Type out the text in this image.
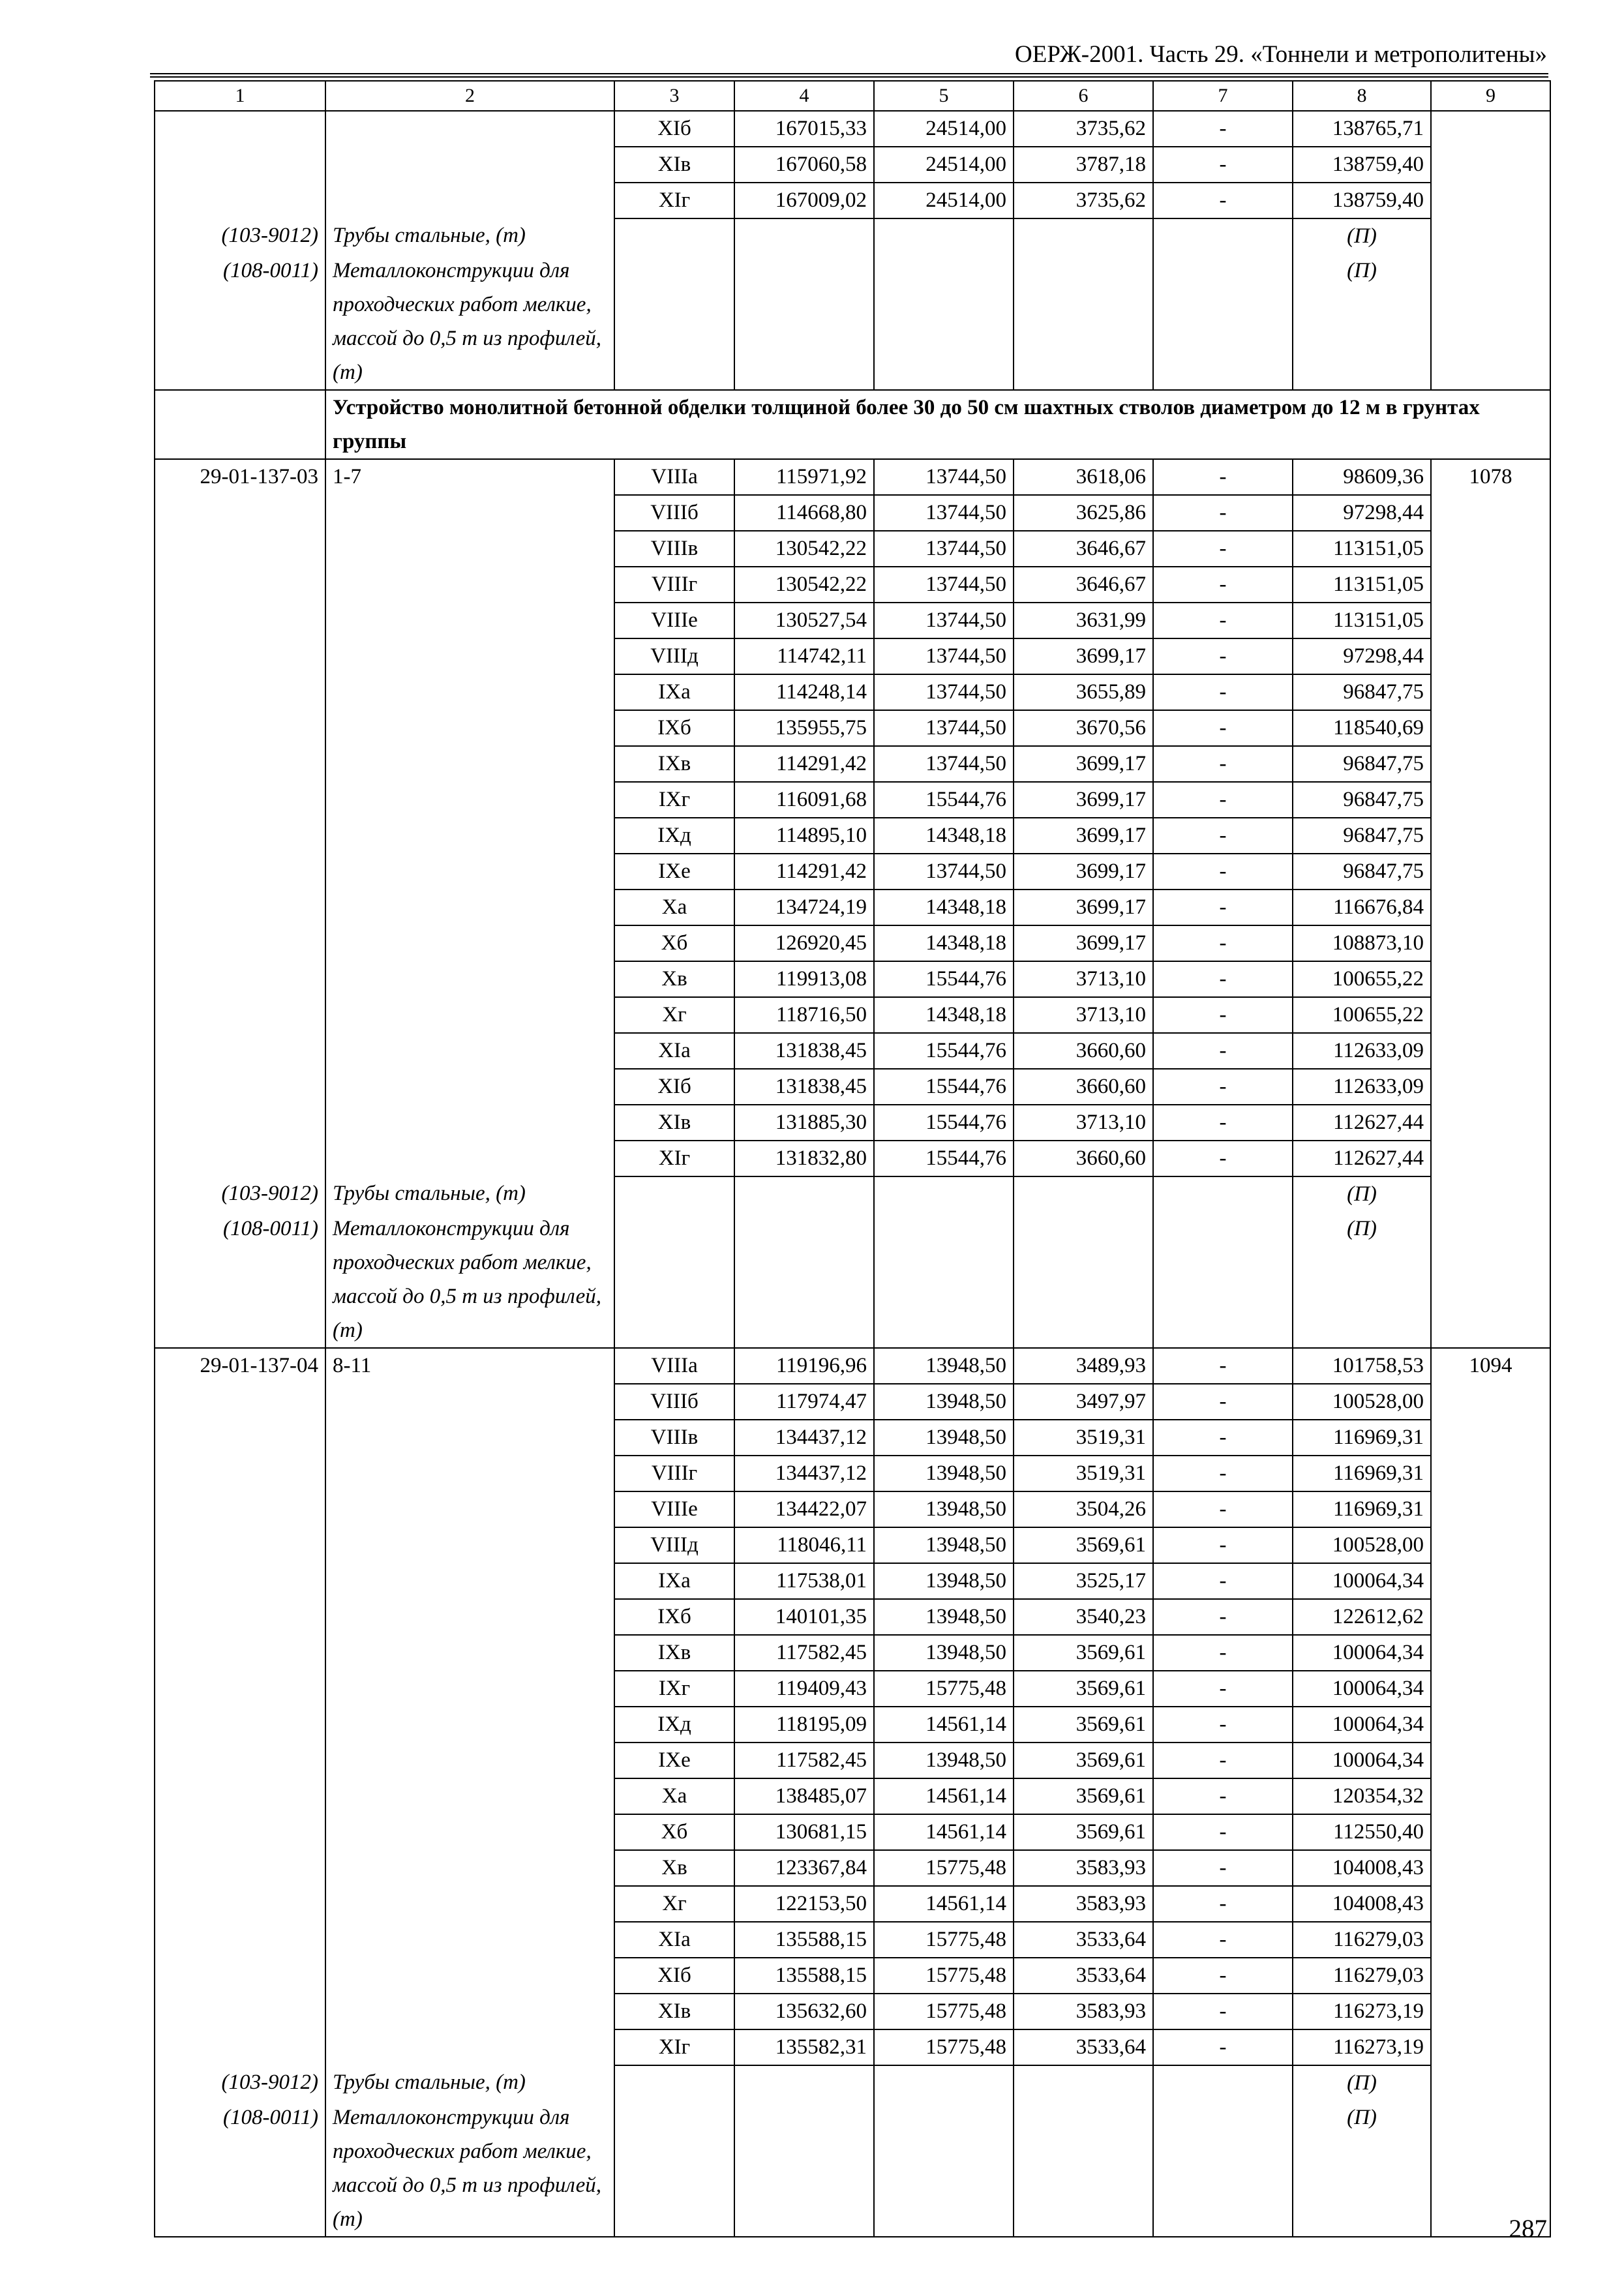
ОЕРЖ-2001. Часть 29. «Тоннели и метрополитены»
1	2	3	4	5	6	7	8	9
		XIб	167015,33	24514,00	3735,62	-	138765,71	
		XIв	167060,58	24514,00	3787,18	-	138759,40	
		XIг	167009,02	24514,00	3735,62	-	138759,40	
(103-9012)	Трубы стальные, (т)						(П)	
(108-0011)	Металлоконструкции для проходческих работ мелкие, массой до 0,5 т из профилей, (т)						(П)	
	Устройство монолитной бетонной обделки толщиной более 30 до 50 см шахтных стволов диаметром до 12 м в грунтах группы							
29-01-137-03	1-7	VIIIа	115971,92	13744,50	3618,06	-	98609,36	1078
		VIIIб	114668,80	13744,50	3625,86	-	97298,44	
		VIIIв	130542,22	13744,50	3646,67	-	113151,05	
		VIIIг	130542,22	13744,50	3646,67	-	113151,05	
		VIIIе	130527,54	13744,50	3631,99	-	113151,05	
		VIIIд	114742,11	13744,50	3699,17	-	97298,44	
		IXа	114248,14	13744,50	3655,89	-	96847,75	
		IXб	135955,75	13744,50	3670,56	-	118540,69	
		IXв	114291,42	13744,50	3699,17	-	96847,75	
		IXг	116091,68	15544,76	3699,17	-	96847,75	
		IXд	114895,10	14348,18	3699,17	-	96847,75	
		IXе	114291,42	13744,50	3699,17	-	96847,75	
		Xа	134724,19	14348,18	3699,17	-	116676,84	
		Xб	126920,45	14348,18	3699,17	-	108873,10	
		Xв	119913,08	15544,76	3713,10	-	100655,22	
		Xг	118716,50	14348,18	3713,10	-	100655,22	
		XIа	131838,45	15544,76	3660,60	-	112633,09	
		XIб	131838,45	15544,76	3660,60	-	112633,09	
		XIв	131885,30	15544,76	3713,10	-	112627,44	
		XIг	131832,80	15544,76	3660,60	-	112627,44	
(103-9012)	Трубы стальные, (т)						(П)	
(108-0011)	Металлоконструкции для проходческих работ мелкие, массой до 0,5 т из профилей, (т)						(П)	
29-01-137-04	8-11	VIIIа	119196,96	13948,50	3489,93	-	101758,53	1094
		VIIIб	117974,47	13948,50	3497,97	-	100528,00	
		VIIIв	134437,12	13948,50	3519,31	-	116969,31	
		VIIIг	134437,12	13948,50	3519,31	-	116969,31	
		VIIIе	134422,07	13948,50	3504,26	-	116969,31	
		VIIIд	118046,11	13948,50	3569,61	-	100528,00	
		IXа	117538,01	13948,50	3525,17	-	100064,34	
		IXб	140101,35	13948,50	3540,23	-	122612,62	
		IXв	117582,45	13948,50	3569,61	-	100064,34	
		IXг	119409,43	15775,48	3569,61	-	100064,34	
		IXд	118195,09	14561,14	3569,61	-	100064,34	
		IXе	117582,45	13948,50	3569,61	-	100064,34	
		Xа	138485,07	14561,14	3569,61	-	120354,32	
		Xб	130681,15	14561,14	3569,61	-	112550,40	
		Xв	123367,84	15775,48	3583,93	-	104008,43	
		Xг	122153,50	14561,14	3583,93	-	104008,43	
		XIа	135588,15	15775,48	3533,64	-	116279,03	
		XIб	135588,15	15775,48	3533,64	-	116279,03	
		XIв	135632,60	15775,48	3583,93	-	116273,19	
		XIг	135582,31	15775,48	3533,64	-	116273,19	
(103-9012)	Трубы стальные, (т)						(П)	
(108-0011)	Металлоконструкции для проходческих работ мелкие, массой до 0,5 т из профилей, (т)						(П)	
287
